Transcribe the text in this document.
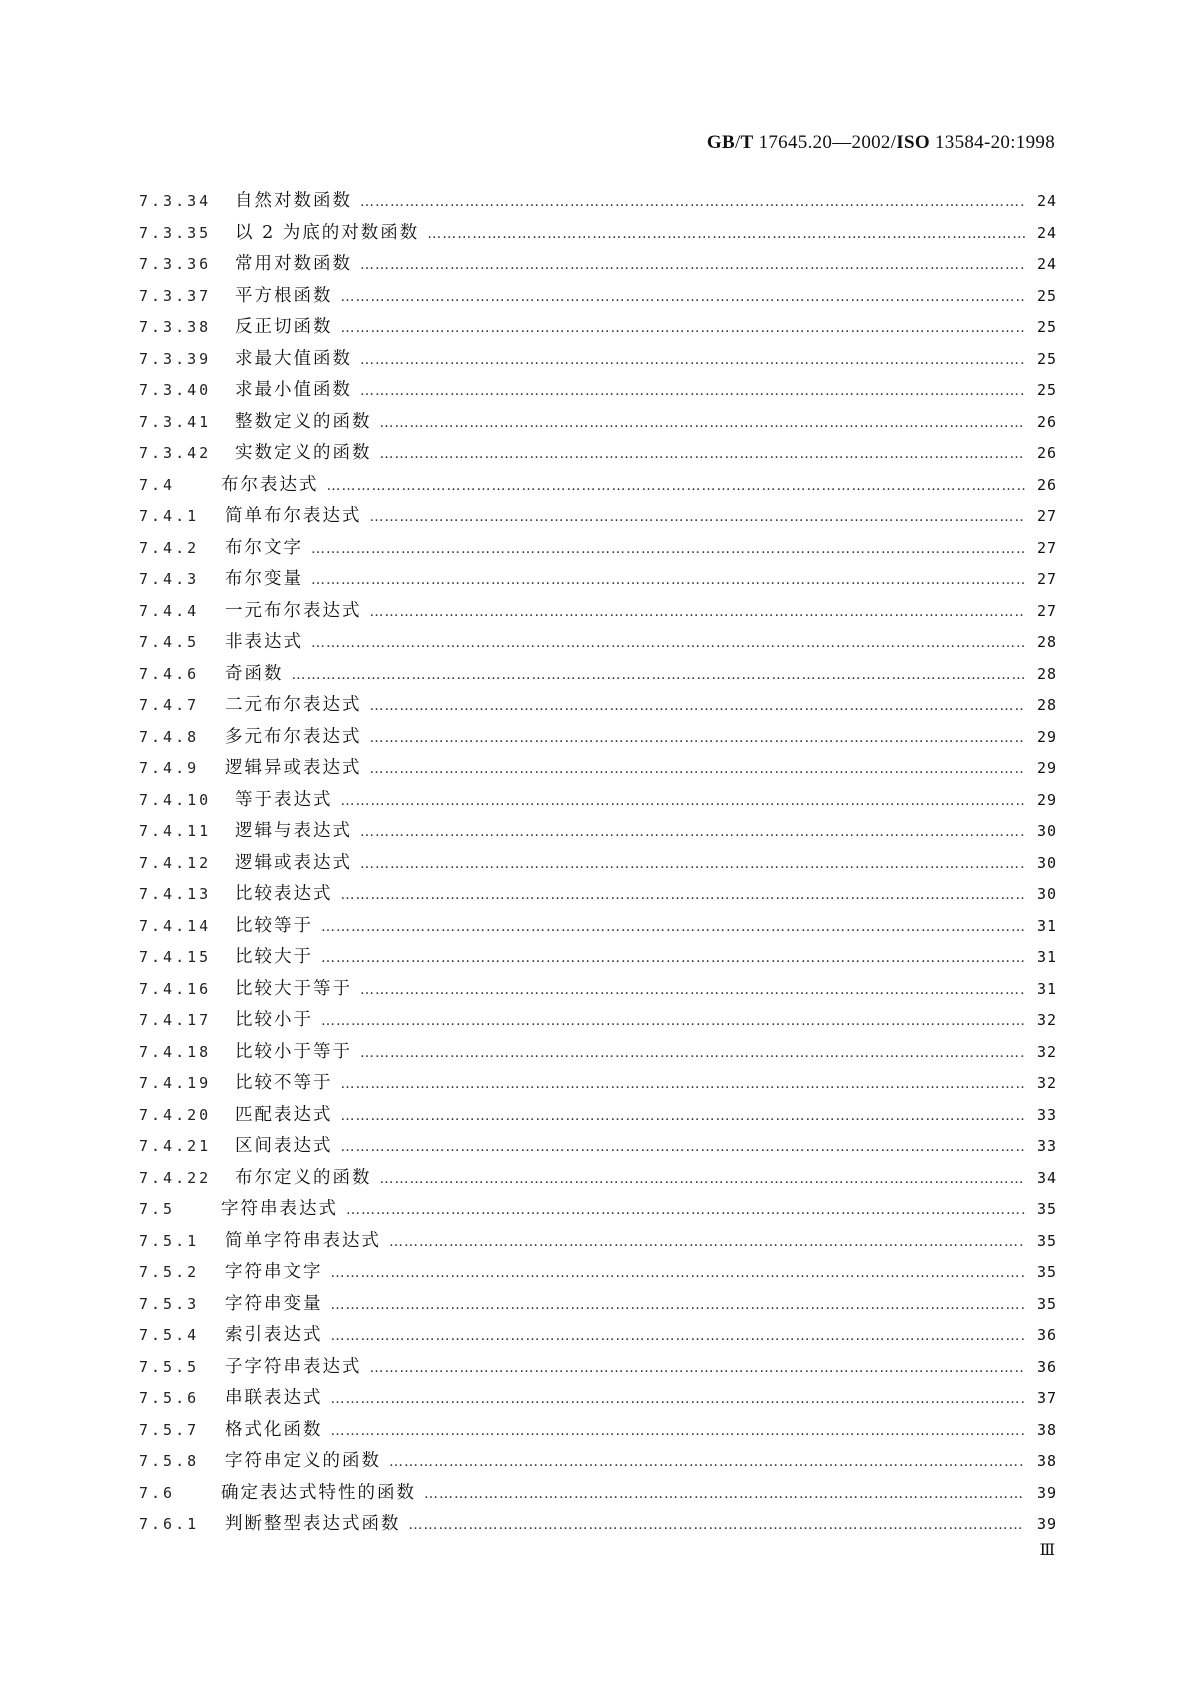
GB/T 17645.20—2002/ISO 13584-20:1998
7.3.34	自然对数函数 …………………………………………………………………………………………………………………………………………………………………………………………………………………………………………………………………………………	24
7.3.35	以 2 为底的对数函数 …………………………………………………………………………………………………………………………………………………………………………………………………………………………………………………………………………………	24
7.3.36	常用对数函数 …………………………………………………………………………………………………………………………………………………………………………………………………………………………………………………………………………………	24
7.3.37	平方根函数 …………………………………………………………………………………………………………………………………………………………………………………………………………………………………………………………………………………	25
7.3.38	反正切函数 …………………………………………………………………………………………………………………………………………………………………………………………………………………………………………………………………………………	25
7.3.39	求最大值函数 …………………………………………………………………………………………………………………………………………………………………………………………………………………………………………………………………………………	25
7.3.40	求最小值函数 …………………………………………………………………………………………………………………………………………………………………………………………………………………………………………………………………………………	25
7.3.41	整数定义的函数 …………………………………………………………………………………………………………………………………………………………………………………………………………………………………………………………………………………	26
7.3.42	实数定义的函数 …………………………………………………………………………………………………………………………………………………………………………………………………………………………………………………………………………………	26
7.4	布尔表达式 …………………………………………………………………………………………………………………………………………………………………………………………………………………………………………………………………………………	26
7.4.1	简单布尔表达式 …………………………………………………………………………………………………………………………………………………………………………………………………………………………………………………………………………………	27
7.4.2	布尔文字 …………………………………………………………………………………………………………………………………………………………………………………………………………………………………………………………………………………	27
7.4.3	布尔变量 …………………………………………………………………………………………………………………………………………………………………………………………………………………………………………………………………………………	27
7.4.4	一元布尔表达式 …………………………………………………………………………………………………………………………………………………………………………………………………………………………………………………………………………………	27
7.4.5	非表达式 …………………………………………………………………………………………………………………………………………………………………………………………………………………………………………………………………………………	28
7.4.6	奇函数 …………………………………………………………………………………………………………………………………………………………………………………………………………………………………………………………………………………	28
7.4.7	二元布尔表达式 …………………………………………………………………………………………………………………………………………………………………………………………………………………………………………………………………………………	28
7.4.8	多元布尔表达式 …………………………………………………………………………………………………………………………………………………………………………………………………………………………………………………………………………………	29
7.4.9	逻辑异或表达式 …………………………………………………………………………………………………………………………………………………………………………………………………………………………………………………………………………………	29
7.4.10	等于表达式 …………………………………………………………………………………………………………………………………………………………………………………………………………………………………………………………………………………	29
7.4.11	逻辑与表达式 …………………………………………………………………………………………………………………………………………………………………………………………………………………………………………………………………………………	30
7.4.12	逻辑或表达式 …………………………………………………………………………………………………………………………………………………………………………………………………………………………………………………………………………………	30
7.4.13	比较表达式 …………………………………………………………………………………………………………………………………………………………………………………………………………………………………………………………………………………	30
7.4.14	比较等于 …………………………………………………………………………………………………………………………………………………………………………………………………………………………………………………………………………………	31
7.4.15	比较大于 …………………………………………………………………………………………………………………………………………………………………………………………………………………………………………………………………………………	31
7.4.16	比较大于等于 …………………………………………………………………………………………………………………………………………………………………………………………………………………………………………………………………………………	31
7.4.17	比较小于 …………………………………………………………………………………………………………………………………………………………………………………………………………………………………………………………………………………	32
7.4.18	比较小于等于 …………………………………………………………………………………………………………………………………………………………………………………………………………………………………………………………………………………	32
7.4.19	比较不等于 …………………………………………………………………………………………………………………………………………………………………………………………………………………………………………………………………………………	32
7.4.20	匹配表达式 …………………………………………………………………………………………………………………………………………………………………………………………………………………………………………………………………………………	33
7.4.21	区间表达式 …………………………………………………………………………………………………………………………………………………………………………………………………………………………………………………………………………………	33
7.4.22	布尔定义的函数 …………………………………………………………………………………………………………………………………………………………………………………………………………………………………………………………………………………	34
7.5	字符串表达式 …………………………………………………………………………………………………………………………………………………………………………………………………………………………………………………………………………………	35
7.5.1	简单字符串表达式 …………………………………………………………………………………………………………………………………………………………………………………………………………………………………………………………………………………	35
7.5.2	字符串文字 …………………………………………………………………………………………………………………………………………………………………………………………………………………………………………………………………………………	35
7.5.3	字符串变量 …………………………………………………………………………………………………………………………………………………………………………………………………………………………………………………………………………………	35
7.5.4	索引表达式 …………………………………………………………………………………………………………………………………………………………………………………………………………………………………………………………………………………	36
7.5.5	子字符串表达式 …………………………………………………………………………………………………………………………………………………………………………………………………………………………………………………………………………………	36
7.5.6	串联表达式 …………………………………………………………………………………………………………………………………………………………………………………………………………………………………………………………………………………	37
7.5.7	格式化函数 …………………………………………………………………………………………………………………………………………………………………………………………………………………………………………………………………………………	38
7.5.8	字符串定义的函数 …………………………………………………………………………………………………………………………………………………………………………………………………………………………………………………………………………………	38
7.6	确定表达式特性的函数 …………………………………………………………………………………………………………………………………………………………………………………………………………………………………………………………………………………	39
7.6.1	判断整型表达式函数 …………………………………………………………………………………………………………………………………………………………………………………………………………………………………………………………………………………	39
Ⅲ
